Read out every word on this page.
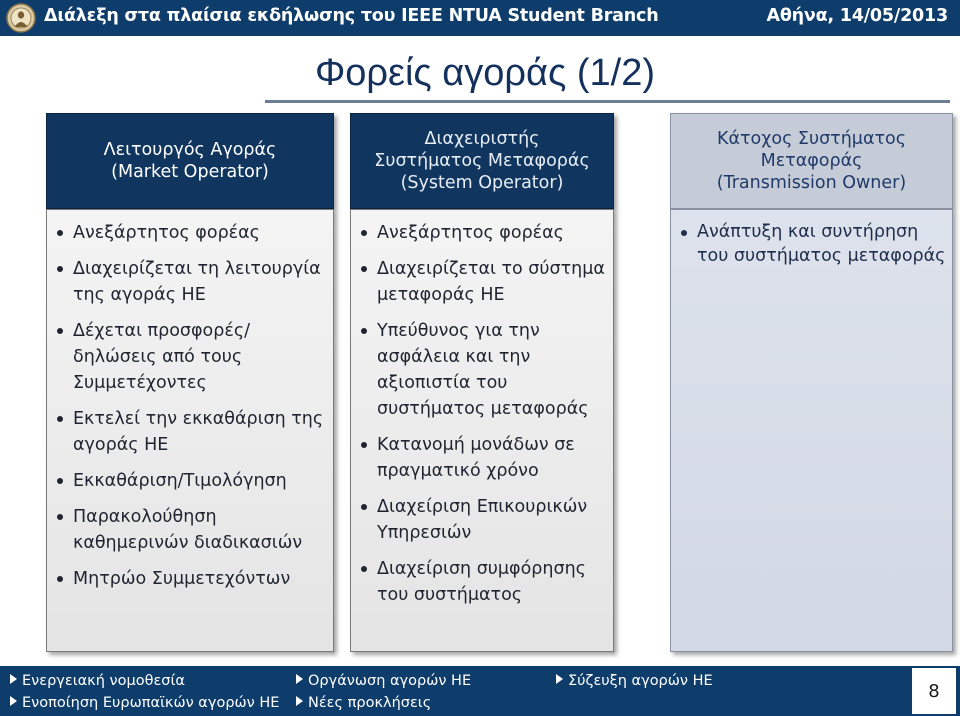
Διάλεξη στα πλαίσια εκδήλωσης του IEEE NTUA Student Branch	Αθήνα, 14/05/2013
Φορείς αγοράς (1/2)
Λειτουργός Αγοράς
(Market Operator)
Ανεξάρτητος φορέας
Διαχειρίζεται τη λειτουργία της αγοράς ΗΕ
Δέχεται προσφορές/δηλώσεις από τους Συμμετέχοντες
Εκτελεί την εκκαθάριση της αγοράς ΗΕ
Εκκαθάριση/Τιμολόγηση
Παρακολούθηση καθημερινών διαδικασιών
Μητρώο Συμμετεχόντων
Διαχειριστής
Συστήματος Μεταφοράς
(System Operator)
Ανεξάρτητος φορέας
Διαχειρίζεται το σύστημα μεταφοράς ΗΕ
Υπεύθυνος για την ασφάλεια και την αξιοπιστία του συστήματος μεταφοράς
Κατανομή μονάδων σε πραγματικό χρόνο
Διαχείριση Επικουρικών Υπηρεσιών
Διαχείριση συμφόρησης του συστήματος
Κάτοχος Συστήματος
Μεταφοράς
(Transmission Owner)
Ανάπτυξη και συντήρηση του συστήματος μεταφοράς
Ενεργειακή νομοθεσία	Οργάνωση αγορών ΗΕ	Σύζευξη αγορών ΗΕ
Ενοποίηση Ευρωπαϊκών αγορών ΗΕ	Νέες προκλήσεις
8
